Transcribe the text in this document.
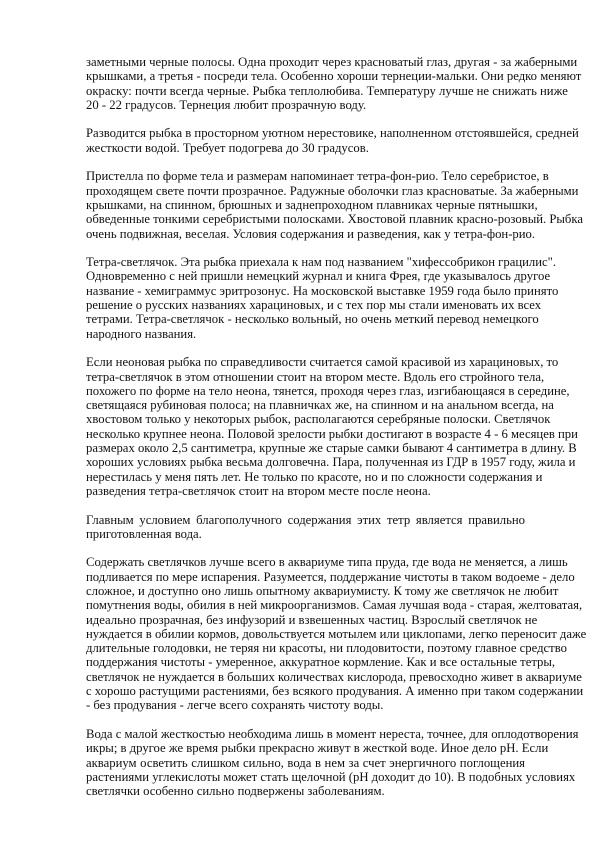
заметными черные полосы. Одна проходит через красноватый глаз, другая - за жаберными
крышками, а третья - посреди тела. Особенно хороши тернеции-мальки. Они редко меняют
окраску: почти всегда черные. Рыбка теплолюбива. Температуру лучше не снижать ниже
20 - 22 градусов. Тернеция любит прозрачную воду.
Разводится рыбка в просторном уютном нерестовике, наполненном отстоявшейся, средней
жесткости водой. Требует подогрева до 30 градусов.
Пристелла по форме тела и размерам напоминает тетра-фон-рио. Тело серебристое, в
проходящем свете почти прозрачное. Радужные оболочки глаз красноватые. За жаберными
крышками, на спинном, брюшных и заднепроходном плавниках черные пятнышки,
обведенные тонкими серебристыми полосками. Хвостовой плавник красно-розовый. Рыбка
очень подвижная, веселая. Условия содержания и разведения, как у тетра-фон-рио.
Тетра-светлячок. Эта рыбка приехала к нам под названием "хифессобрикон грацилис".
Одновременно с ней пришли немецкий журнал и книга Фрея, где указывалось другое
название - хемиграммус эритрозонус. На московской выставке 1959 года было принято
решение о русских названиях харациновых, и с тех пор мы стали именовать их всех
тетрами. Тетра-светлячок - несколько вольный, но очень меткий перевод немецкого
народного названия.
Если неоновая рыбка по справедливости считается самой красивой из харациновых, то
тетра-светлячок в этом отношении стоит на втором месте. Вдоль его стройного тела,
похожего по форме на тело неона, тянется, проходя через глаз, изгибающаяся в середине,
светящаяся рубиновая полоса; на плавничках же, на спинном и на анальном всегда, на
хвостовом только у некоторых рыбок, располагаются серебряные полоски. Светлячок
несколько крупнее неона. Половой зрелости рыбки достигают в возрасте 4 - 6 месяцев при
размерах около 2,5 сантиметра, крупные же старые самки бывают 4 сантиметра в длину. В
хороших условиях рыбка весьма долговечна. Пара, полученная из ГДР в 1957 году, жила и
нерестилась у меня пять лет. Не только по красоте, но и по сложности содержания и
разведения тетра-светлячок стоит на втором месте после неона.
Главным условием благополучного содержания этих тетр является правильно
приготовленная вода.
Содержать светлячков лучше всего в аквариуме типа пруда, где вода не меняется, а лишь
подливается по мере испарения. Разумеется, поддержание чистоты в таком водоеме - дело
сложное, и доступно оно лишь опытному аквариумисту. К тому же светлячок не любит
помутнения воды, обилия в ней микроорганизмов. Самая лучшая вода - старая, желтоватая,
идеально прозрачная, без инфузорий и взвешенных частиц. Взрослый светлячок не
нуждается в обилии кормов, довольствуется мотылем или циклопами, легко переносит даже
длительные голодовки, не теряя ни красоты, ни плодовитости, поэтому главное средство
поддержания чистоты - умеренное, аккуратное кормление. Как и все остальные тетры,
светлячок не нуждается в больших количествах кислорода, превосходно живет в аквариуме
с хорошо растущими растениями, без всякого продувания. А именно при таком содержании
- без продувания - легче всего сохранять чистоту воды.
Вода с малой жесткостью необходима лишь в момент нереста, точнее, для оплодотворения
икры; в другое же время рыбки прекрасно живут в жесткой воде. Иное дело pH. Если
аквариум осветить слишком сильно, вода в нем за счет энергичного поглощения
растениями углекислоты может стать щелочной (pH доходит до 10). В подобных условиях
светлячки особенно сильно подвержены заболеваниям.
